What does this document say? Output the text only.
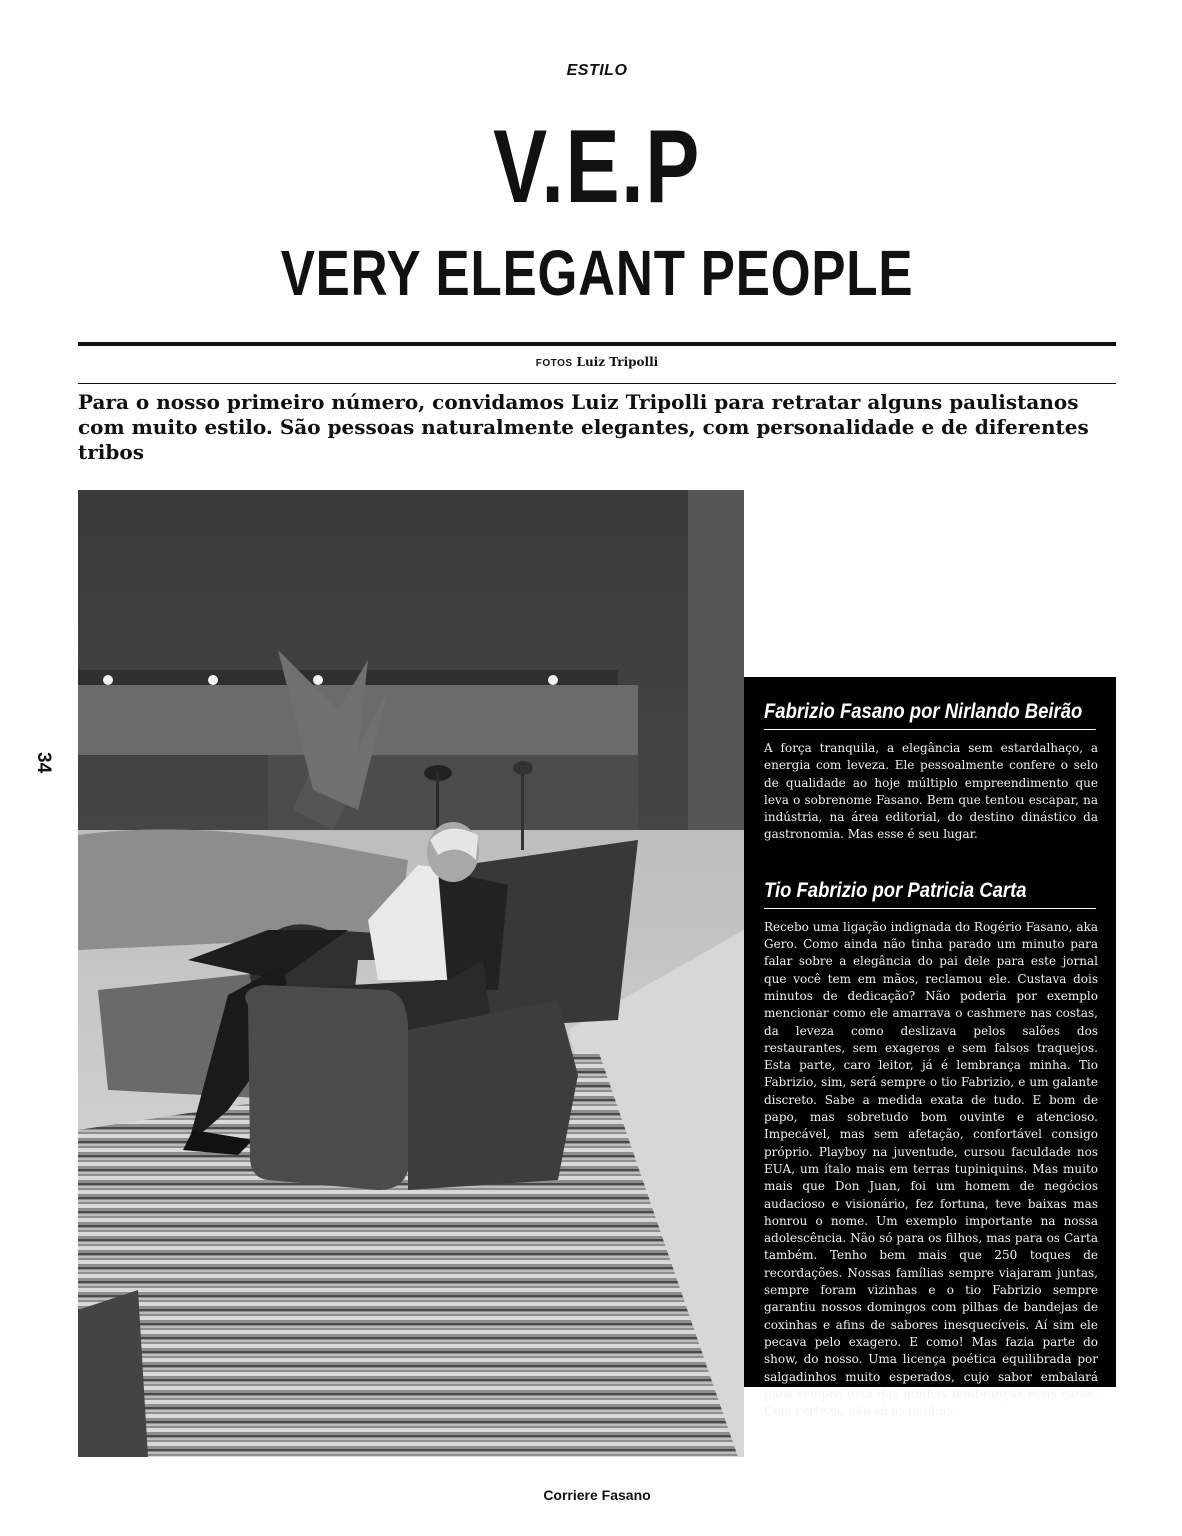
ESTILO
V.E.P
VERY ELEGANT PEOPLE
FOTOS Luiz Tripolli
Para o nosso primeiro número, convidamos Luiz Tripolli para retratar alguns paulistanos com muito estilo. São pessoas naturalmente elegantes, com personalidade e de diferentes tribos
34
Fabrizio Fasano por Nirlando Beirão

A força tranquila, a elegância sem estardalhaço, a energia com leveza. Ele pessoalmente confere o selo de qualidade ao hoje múltiplo empreendimento que leva o sobrenome Fasano. Bem que tentou escapar, na indústria, na área editorial, do destino dinástico da gastronomia. Mas esse é seu lugar.

Tio Fabrizio por Patricia Carta

Recebo uma ligação indignada do Rogério Fasano, aka Gero. Como ainda não tinha parado um minuto para falar sobre a elegância do pai dele para este jornal que você tem em mãos, reclamou ele. Custava dois minutos de dedicação? Não poderia por exemplo mencionar como ele amarrava o cashmere nas costas, da leveza como deslizava pelos salões dos restaurantes, sem exageros e sem falsos traquejos. Esta parte, caro leitor, já é lembrança minha. Tio Fabrizio, sim, será sempre o tio Fabrizio, e um galante discreto. Sabe a medida exata de tudo. E bom de papo, mas sobretudo bom ouvinte e atencioso. Impecável, mas sem afetação, confortável consigo próprio. Playboy na juventude, cursou faculdade nos EUA, um ítalo mais em terras tupiniquins. Mas muito mais que Don Juan, foi um homem de negócios audacioso e visionário, fez fortuna, teve baixas mas honrou o nome. Um exemplo importante na nossa adolescência. Não só para os filhos, mas para os Carta também. Tenho bem mais que 250 toques de recordações. Nossas famílias sempre viajaram juntas, sempre foram vizinhas e o tio Fabrizio sempre garantiu nossos domingos com pilhas de bandejas de coxinhas e afins de sabores inesquecíveis. Aí sim ele pecava pelo exagero. E como! Mas fazia parte do show, do nosso. Uma licença poética equilibrada por salgadinhos muito esperados, cujo sabor embalará para sempre uma das minhas lembranças mais caras. Com certeza, não só as minhas.

Corriere Fasano
